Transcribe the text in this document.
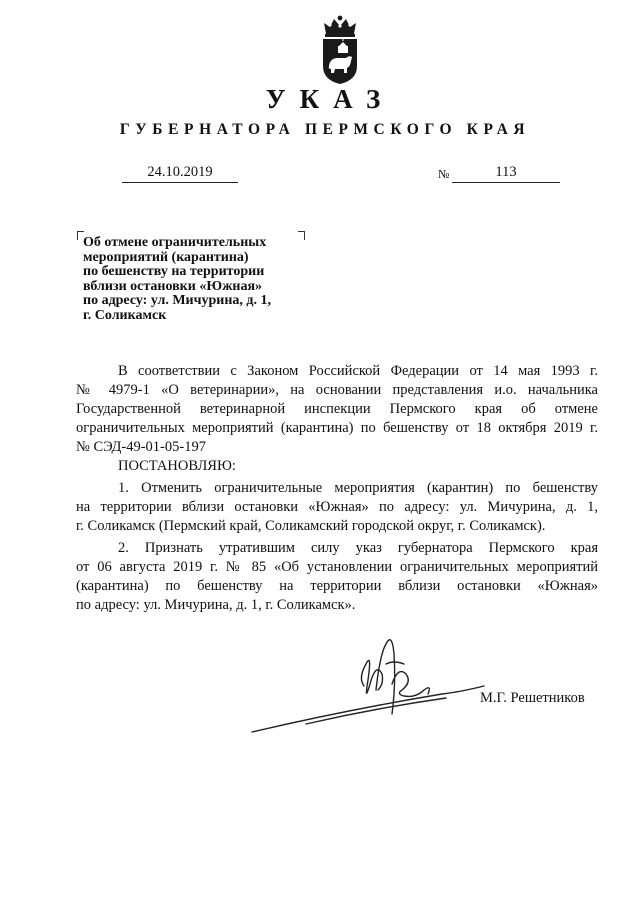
УКАЗ
ГУБЕРНАТОРА ПЕРМСКОГО КРАЯ
24.10.2019	№	113
Об отмене ограничительных
мероприятий (карантина)
по бешенству на территории
вблизи остановки «Южная»
по адресу: ул. Мичурина, д. 1,
г. Соликамск
В соответствии с Законом Российской Федерации от 14 мая 1993 г.
№ 4979-1 «О ветеринарии», на основании представления и.о. начальника
Государственной ветеринарной инспекции Пермского края об отмене
ограничительных мероприятий (карантина) по бешенству от 18 октября 2019 г.
№ СЭД-49-01-05-197
ПОСТАНОВЛЯЮ:
1. Отменить ограничительные мероприятия (карантин) по бешенству
на территории вблизи остановки «Южная» по адресу: ул. Мичурина, д. 1,
г. Соликамск (Пермский край, Соликамский городской округ, г. Соликамск).
2. Признать утратившим силу указ губернатора Пермского края
от 06 августа 2019 г. № 85 «Об установлении ограничительных мероприятий
(карантина) по бешенству на территории вблизи остановки «Южная»
по адресу: ул. Мичурина, д. 1, г. Соликамск».
М.Г. Решетников
